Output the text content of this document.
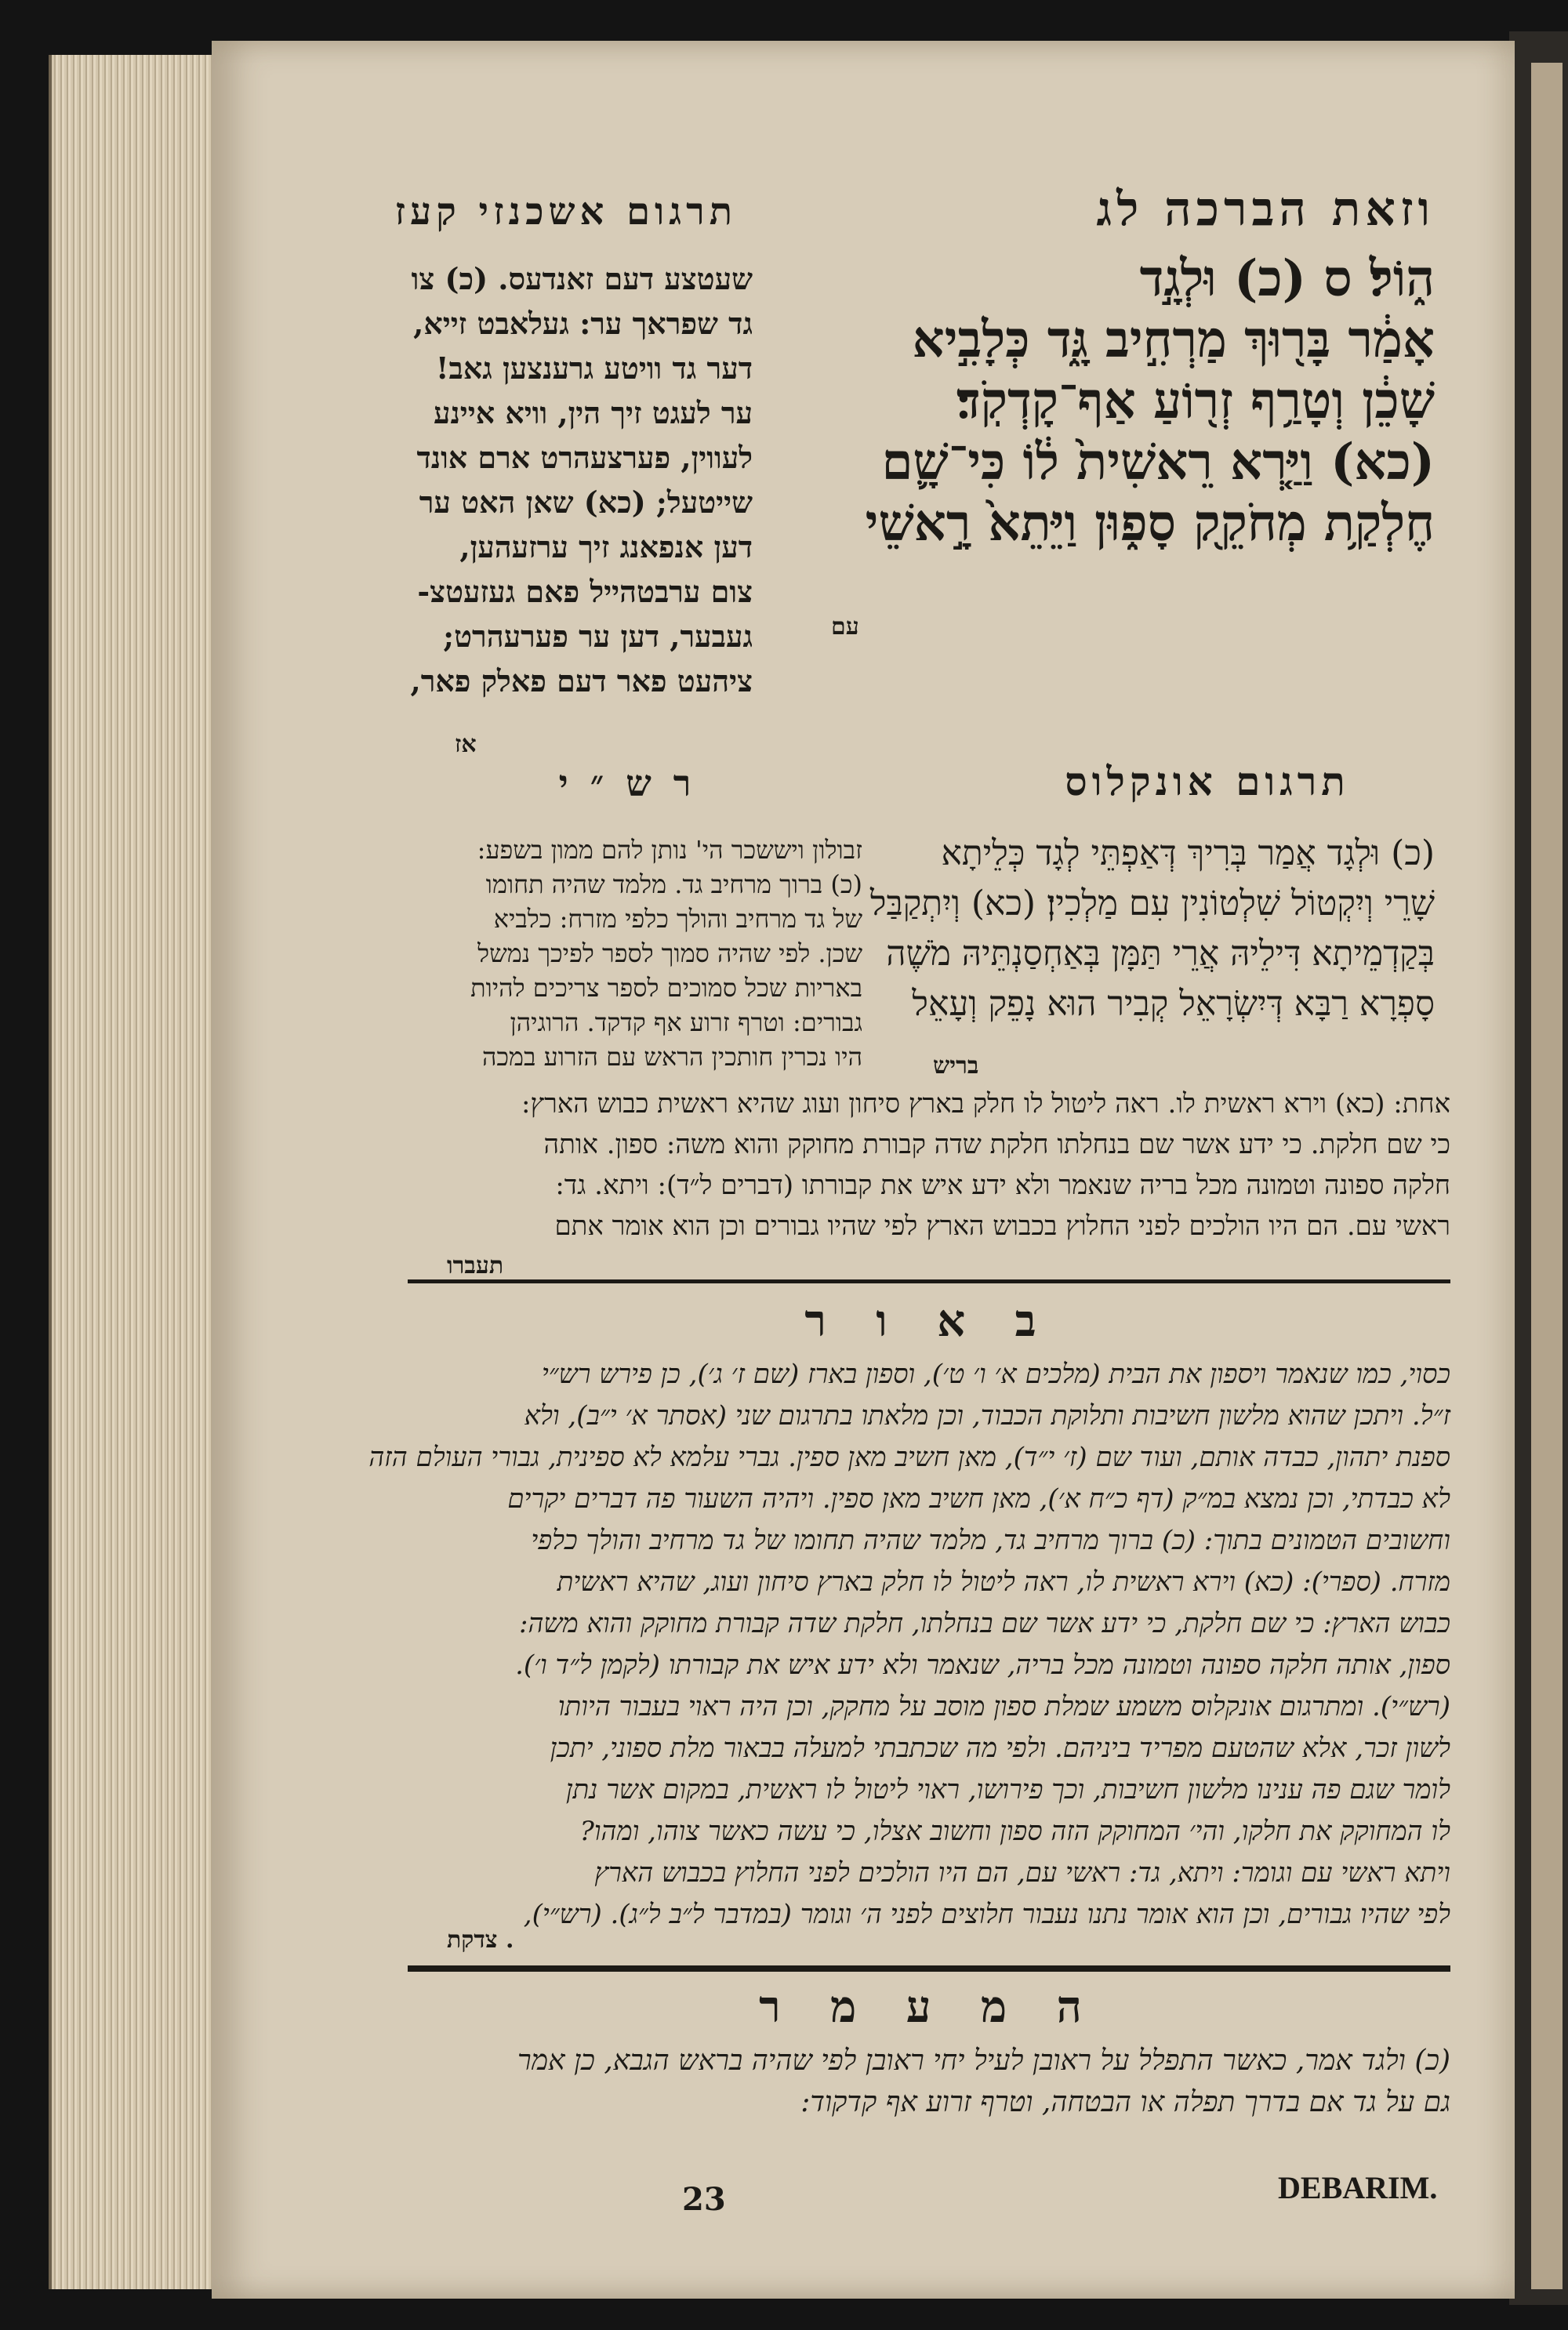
וזאת הברכה לג
תרגום אשכנזי קעז
ה֑וֹל׃ ס (כ) וּלְגָ֣ד
אָמַ֔ר בָּר֖וּךְ מַרְחִ֣יב גָּ֑ד כְּלָבִ֣יא
שָׁכֵ֔ן וְטָרַ֥ף זְר֖וֹעַ אַף־קָדְקֹֽד׃
(כא) וַיַּ֤רְא רֵאשִׁית֙ ל֔וֹ כִּי־שָׁ֛ם
חֶלְקַ֥ת מְחֹקֵ֖ק סָפ֑וּן וַיֵּתֵא֙ רָ֣אשֵׁי
עם
שעטצע דעם זאנדעס. (כ) צו
גד שפראך ער: געלאבט זייא,
דער גד וויטע גרענצען גאב!
ער לעגט זיך הין, וויא איינע
לעווין, פערצעהרט ארם אונד
שייטעל; (כא) שאן האט ער
דען אנפאנג זיך ערזעהען,
צום ערבטהייל פאם געזעטצ-
געבער, דען ער פערעהרט;
ציהעט פאר דעם פאלק פאר,
אז
תרגום אונקלוס
(כ) וּלְגָד אֲמַר בְּרִיךְ דְּאַפְתֵּי לְגָד כְּלֵיתָא
שָׁרֵי וְיִקְטוֹל שִׁלְטוֹנִין עִם מַלְכִין׃ (כא) וְיִתְקַבַּל
בְּקַדְמֵיתָא דִּילֵיהּ אֲרֵי תַּמָּן בְּאַחְסַנְתֵּיהּ מֹשֶׁה
סָפְרָא רַבָּא דְּיִשְׂרָאֵל קְבִיר הוּא נָפֵק וְעָאֵל
בריש
ר ש ״ י
זבולון ויששכר הי' נותן להם ממון בשפע:
(כ) ברוך מרחיב גד. מלמד שהיה תחומו
של גד מרחיב והולך כלפי מזרח: כלביא
שכן. לפי שהיה סמוך לספר לפיכך נמשל
באריות שכל סמוכים לספר צריכים להיות
גבורים: וטרף זרוע אף קדקד. הרוגיהן
היו נכרין חותכין הראש עם הזרוע במכה
אחת: (כא) וירא ראשית לו. ראה ליטול לו חלק בארץ סיחון ועוג שהיא ראשית כבוש הארץ:
כי שם חלקת. כי ידע אשר שם בנחלתו חלקת שדה קבורת מחוקק והוא משה: ספון. אותה
חלקה ספונה וטמונה מכל בריה שנאמר ולא ידע איש את קבורתו (דברים ל״ד): ויתא. גד:
ראשי עם. הם היו הולכים לפני החלוץ בכבוש הארץ לפי שהיו גבורים וכן הוא אומר אתם
תעברו
ב א ו ר
כסוי, כמו שנאמר ויספון את הבית (מלכים א׳ ו׳ ט׳), וספון בארז (שם ז׳ ג׳), כן פירש רש״י
ז״ל. ויתכן שהוא מלשון חשיבות ותלוקת הכבוד, וכן מלאתו בתרגום שני (אסתר א׳ י״ב), ולא
ספנת יתהון, כבדה אותם, ועוד שם (ז׳ י״ד), מאן חשיב מאן ספין. גברי עלמא לא ספינית, גבורי העולם הזה
לא כבדתי, וכן נמצא במ״ק (דף כ״ח א׳), מאן חשיב מאן ספין. ויהיה השעור פה דברים יקרים
וחשובים הטמונים בתוך: (כ) ברוך מרחיב גד, מלמד שהיה תחומו של גד מרחיב והולך כלפי
מזרח. (ספרי): (כא) וירא ראשית לו, ראה ליטול לו חלק בארץ סיחון ועוג, שהיא ראשית
כבוש הארץ: כי שם חלקת, כי ידע אשר שם בנחלתו, חלקת שדה קבורת מחוקק והוא משה:
ספון, אותה חלקה ספונה וטמונה מכל בריה, שנאמר ולא ידע איש את קבורתו (לקמן ל״ד ו׳).
(רש״י). ומתרגום אונקלוס משמע שמלת ספון מוסב על מחקק, וכן היה ראוי בעבור היותו
לשון זכר, אלא שהטעם מפריד ביניהם. ולפי מה שכתבתי למעלה בבאור מלת ספוני, יתכן
לומר שגם פה ענינו מלשון חשיבות, וכך פירושו, ראוי ליטול לו ראשית, במקום אשר נתן
לו המחוקק את חלקו, והי׳ המחוקק הזה ספון וחשוב אצלו, כי עשה כאשר צוהו, ומהו?
ויתא ראשי עם וגומר: ויתא, גד: ראשי עם, הם היו הולכים לפני החלוץ בכבוש הארץ
לפי שהיו גבורים, וכן הוא אומר נתנו נעבור חלוצים לפני ה׳ וגומר (במדבר ל״ב ל״ג). (רש״י),
צדקת .
ה מ ע מ ר
(כ) ולגד אמר, כאשר התפלל על ראובן לעיל יחי ראובן לפי שהיה בראש הגבא, כן אמר
גם על גד אם בדרך תפלה או הבטחה, וטרף זרוע אף קדקוד:
23	DEBARIM.
